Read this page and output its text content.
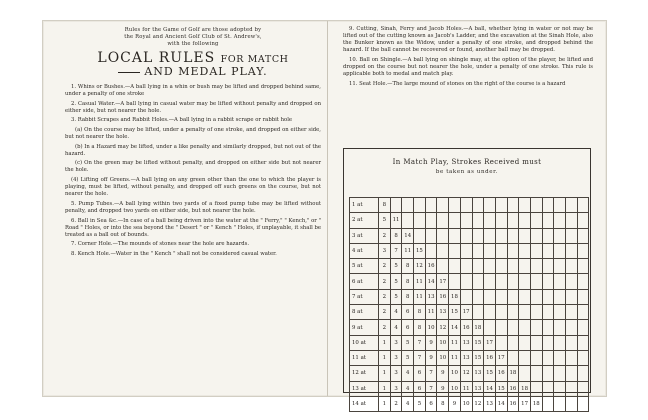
Rules for the Game of Golf are those adopted by
the Royal and Ancient Golf Club of St. Andrew's,
with the following
LOCAL RULES FOR MATCH
AND MEDAL PLAY.

1. Whins or Bushes.—A ball lying in a whin or bush may be lifted and dropped behind same, under a penalty of one stroke

2. Casual Water.—A ball lying in casual water may be lifted without penalty and dropped on either side, but not nearer the hole.

3. Rabbit Scrapes and Rabbit Holes.—A ball lying in a rabbit scrape or rabbit hole

(a) On the course may be lifted, under a penalty of one stroke, and dropped on either side, but not nearer the hole.

(b) In a Hazard may be lifted, under a like penalty and similarly dropped, but not out of the hazard.

(c) On the green may be lifted without penalty, and dropped on either side but not nearer the hole.

(4) Lifting off Greens.—A ball lying on any green other than the one to which the player is playing, must be lifted, without penalty, and dropped off such greens on the course, but not nearer the hole.

5. Pump Tubes.—A ball lying within two yards of a fixed pump tube may be lifted without penalty, and dropped two yards on either side, but not nearer the hole.

6. Ball in Sea &c.—In case of a ball being driven into the water at the " Ferry," " Kench," or " Road " Holes, or into the sea beyond the " Desert " or " Kench " Holes, if unplayable, it shall be treated as a ball out of bounds.

7. Corner Hole.—The mounds of stones near the hole are hazards.

8. Kench Hole.—Water in the " Kench " shall not be considered casual water.

9. Cutting, Sinah, Ferry and Jacob Holes.—A ball, whether lying in water or not may be lifted out of the cutting known as Jacob's Ladder, and the excavation at the Sinah Hole, also the Bunker known as the Widow, under a penalty of one stroke, and dropped behind the hazard. If the ball cannot be recovered or found, another ball may be dropped.

10. Ball on Shingle.—A ball lying on shingle may, at the option of the player, be lifted and dropped on the course but not nearer the hole, under a penalty of one stroke. This rule is applicable both to medal and match play.

11. Seat Hole.—The large mound of stones on the right of the course is a hazard

In Match Play, Strokes Received must
be taken as under.
1 at	8																	
2 at	5	11																
3 at	2	8	14															
4 at	3	7	11	15														
5 at	2	5	8	12	16													
6 at	2	5	8	11	14	17												
7 at	2	5	8	11	13	16	18											
8 at	2	4	6	8	11	13	15	17										
9 at	2	4	6	8	10	12	14	16	18									
10 at	1	3	5	7	9	10	11	13	15	17								
11 at	1	3	5	7	9	10	11	13	15	16	17							
12 at	1	3	4	6	7	9	10	12	13	15	16	18						
13 at	1	3	4	6	7	9	10	11	13	14	15	16	18					
14 at	1	2	4	5	6	8	9	10	12	13	14	16	17	18				
